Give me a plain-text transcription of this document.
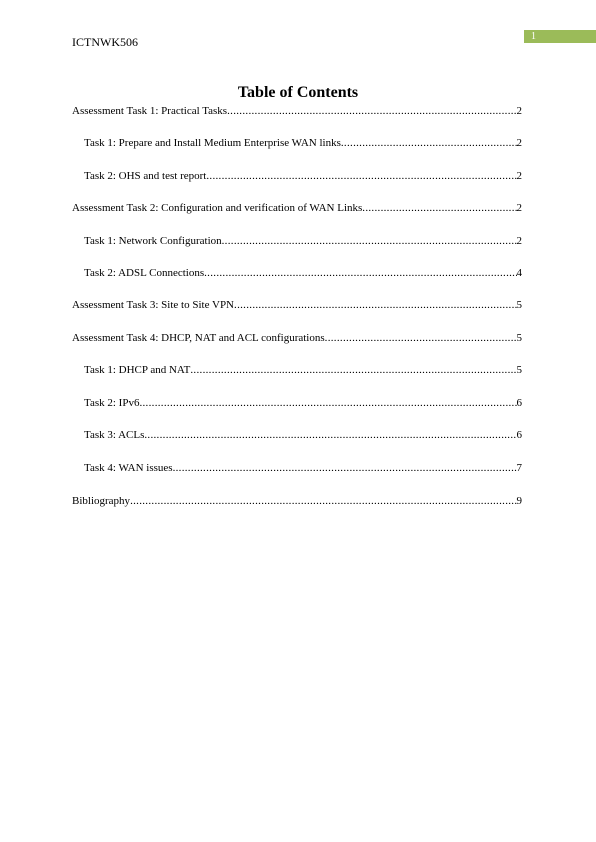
ICTNWK506	1
Table of Contents
Assessment Task 1: Practical Tasks .....	2
Task 1: Prepare and Install Medium Enterprise WAN links .....	2
Task 2: OHS and test report .....	2
Assessment Task 2: Configuration and verification of WAN Links .....	2
Task 1: Network Configuration .....	2
Task 2: ADSL Connections .....	4
Assessment Task 3: Site to Site VPN .....	5
Assessment Task 4: DHCP, NAT and ACL configurations .....	5
Task 1: DHCP and NAT .....	5
Task 2: IPv6 .....	6
Task 3: ACLs .....	6
Task 4: WAN issues .....	7
Bibliography .....	9
